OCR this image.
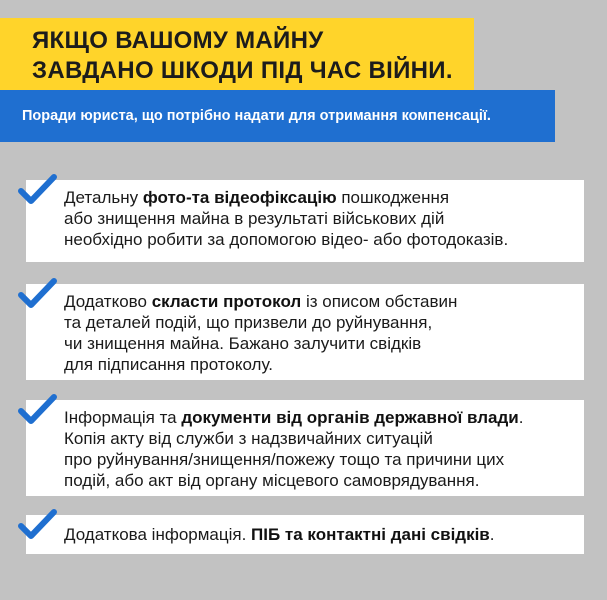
ЯКЩО ВАШОМУ МАЙНУ
ЗАВДАНО ШКОДИ ПІД ЧАС ВІЙНИ.
Поради юриста, що потрібно надати для отримання компенсації.

Детальну фото-та відеофіксацію пошкодження

або знищення майна в результаті військових дій

необхідно робити за допомогою відео- або фотодоказів.

Додатково скласти протокол із описом обставин

та деталей подій, що призвели до руйнування,

чи знищення майна. Бажано залучити свідків

для підписання протоколу.

Інформація та документи від органів державної влади.

Копія акту від служби з надзвичайних ситуацій

про руйнування/знищення/пожежу тощо та причини цих

подій, або акт від органу місцевого самоврядування.

Додаткова інформація. ПІБ та контактні дані свідків.
